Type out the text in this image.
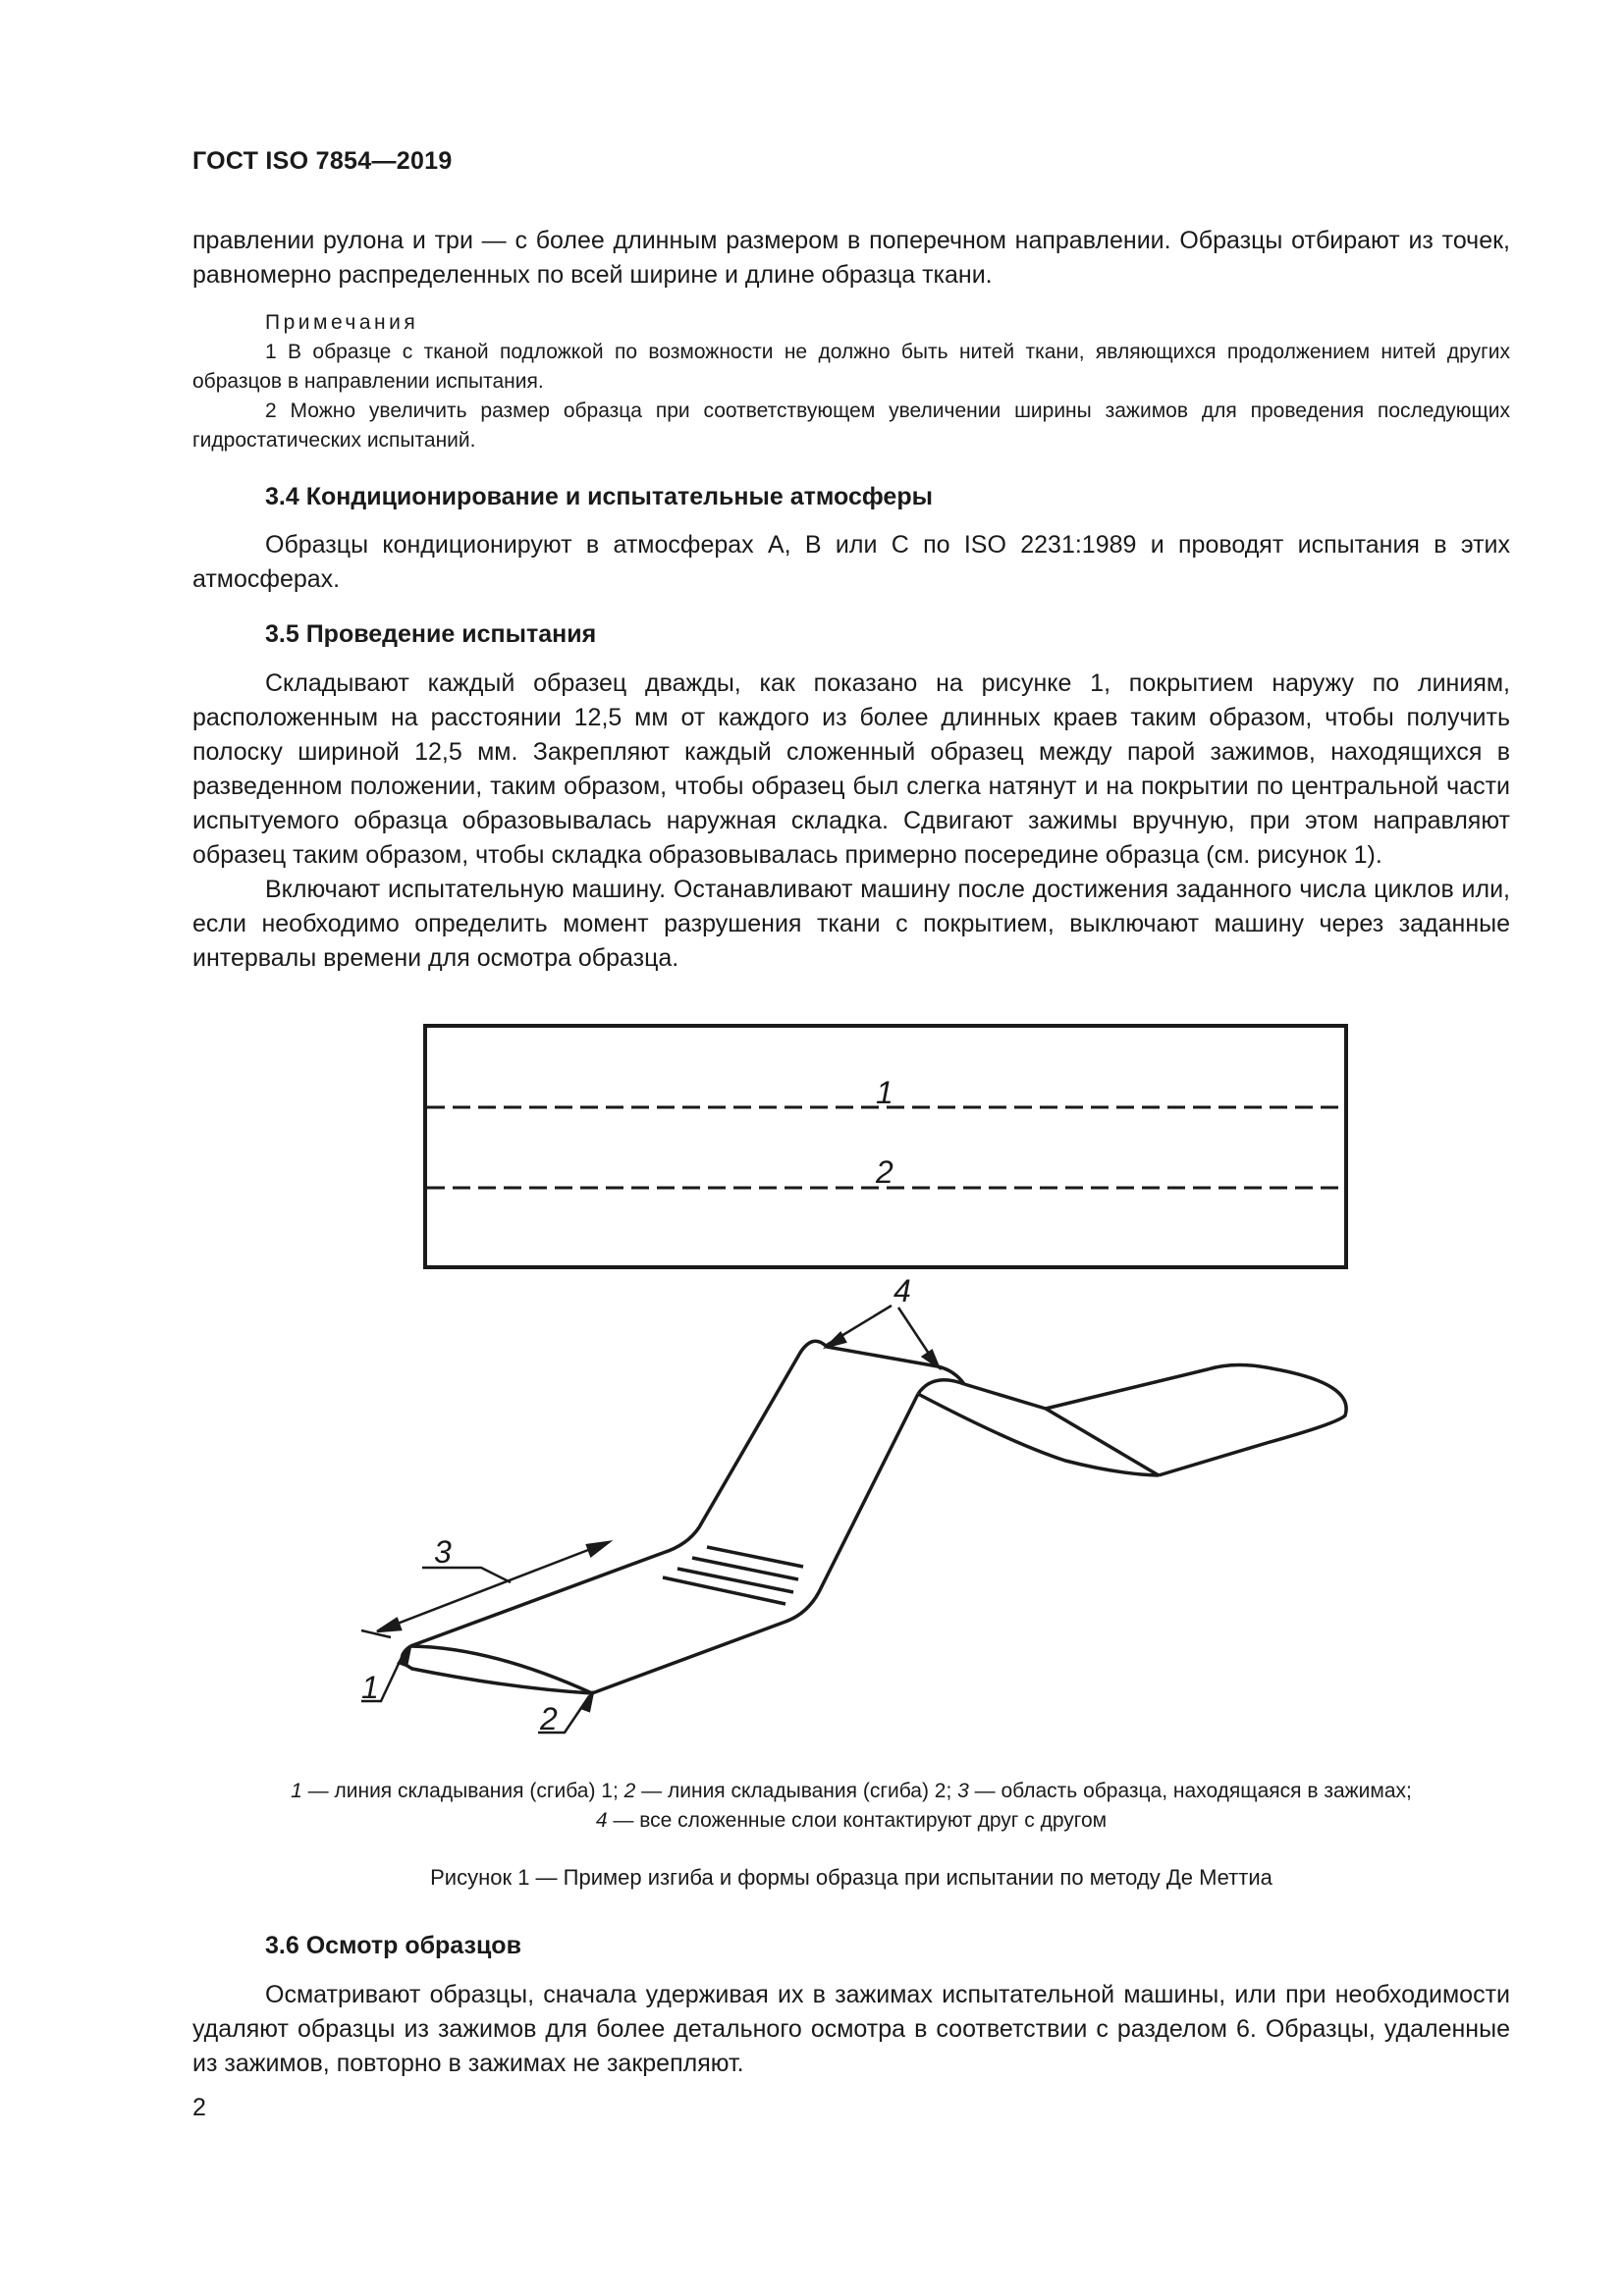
ГОСТ ISO 7854—2019

правлении рулона и три — с более длинным размером в поперечном направлении. Образцы отбирают из точек, равномерно распределенных по всей ширине и длине образца ткани.

Примечания

1 В образце с тканой подложкой по возможности не должно быть нитей ткани, являющихся продолжением нитей других образцов в направлении испытания.

2 Можно увеличить размер образца при соответствующем увеличении ширины зажимов для проведения последующих гидростатических испытаний.

3.4 Кондиционирование и испытательные атмосферы

Образцы кондиционируют в атмосферах А, В или С по ISO 2231:1989 и проводят испытания в этих атмосферах.

3.5 Проведение испытания

Складывают каждый образец дважды, как показано на рисунке 1, покрытием наружу по линиям, расположенным на расстоянии 12,5 мм от каждого из более длинных краев таким образом, чтобы получить полоску шириной 12,5 мм. Закрепляют каждый сложенный образец между парой зажимов, находящихся в разведенном положении, таким образом, чтобы образец был слегка натянут и на покрытии по центральной части испытуемого образца образовывалась наружная складка. Сдвигают зажимы вручную, при этом направляют образец таким образом, чтобы складка образовывалась примерно посередине образца (см. рисунок 1).

Включают испытательную машину. Останавливают машину после достижения заданного числа циклов или, если необходимо определить момент разрушения ткани с покрытием, выключают машину через заданные интервалы времени для осмотра образца.

1
2
3
1
2
4

1 — линия складывания (сгиба) 1; 2 — линия складывания (сгиба) 2; 3 — область образца, находящаяся в зажимах;

4 — все сложенные слои контактируют друг с другом

Рисунок 1 — Пример изгиба и формы образца при испытании по методу Де Меттиа
3.6 Осмотр образцов

Осматривают образцы, сначала удерживая их в зажимах испытательной машины, или при необходимости удаляют образцы из зажимов для более детального осмотра в соответствии с разделом 6. Образцы, удаленные из зажимов, повторно в зажимах не закрепляют.

2
